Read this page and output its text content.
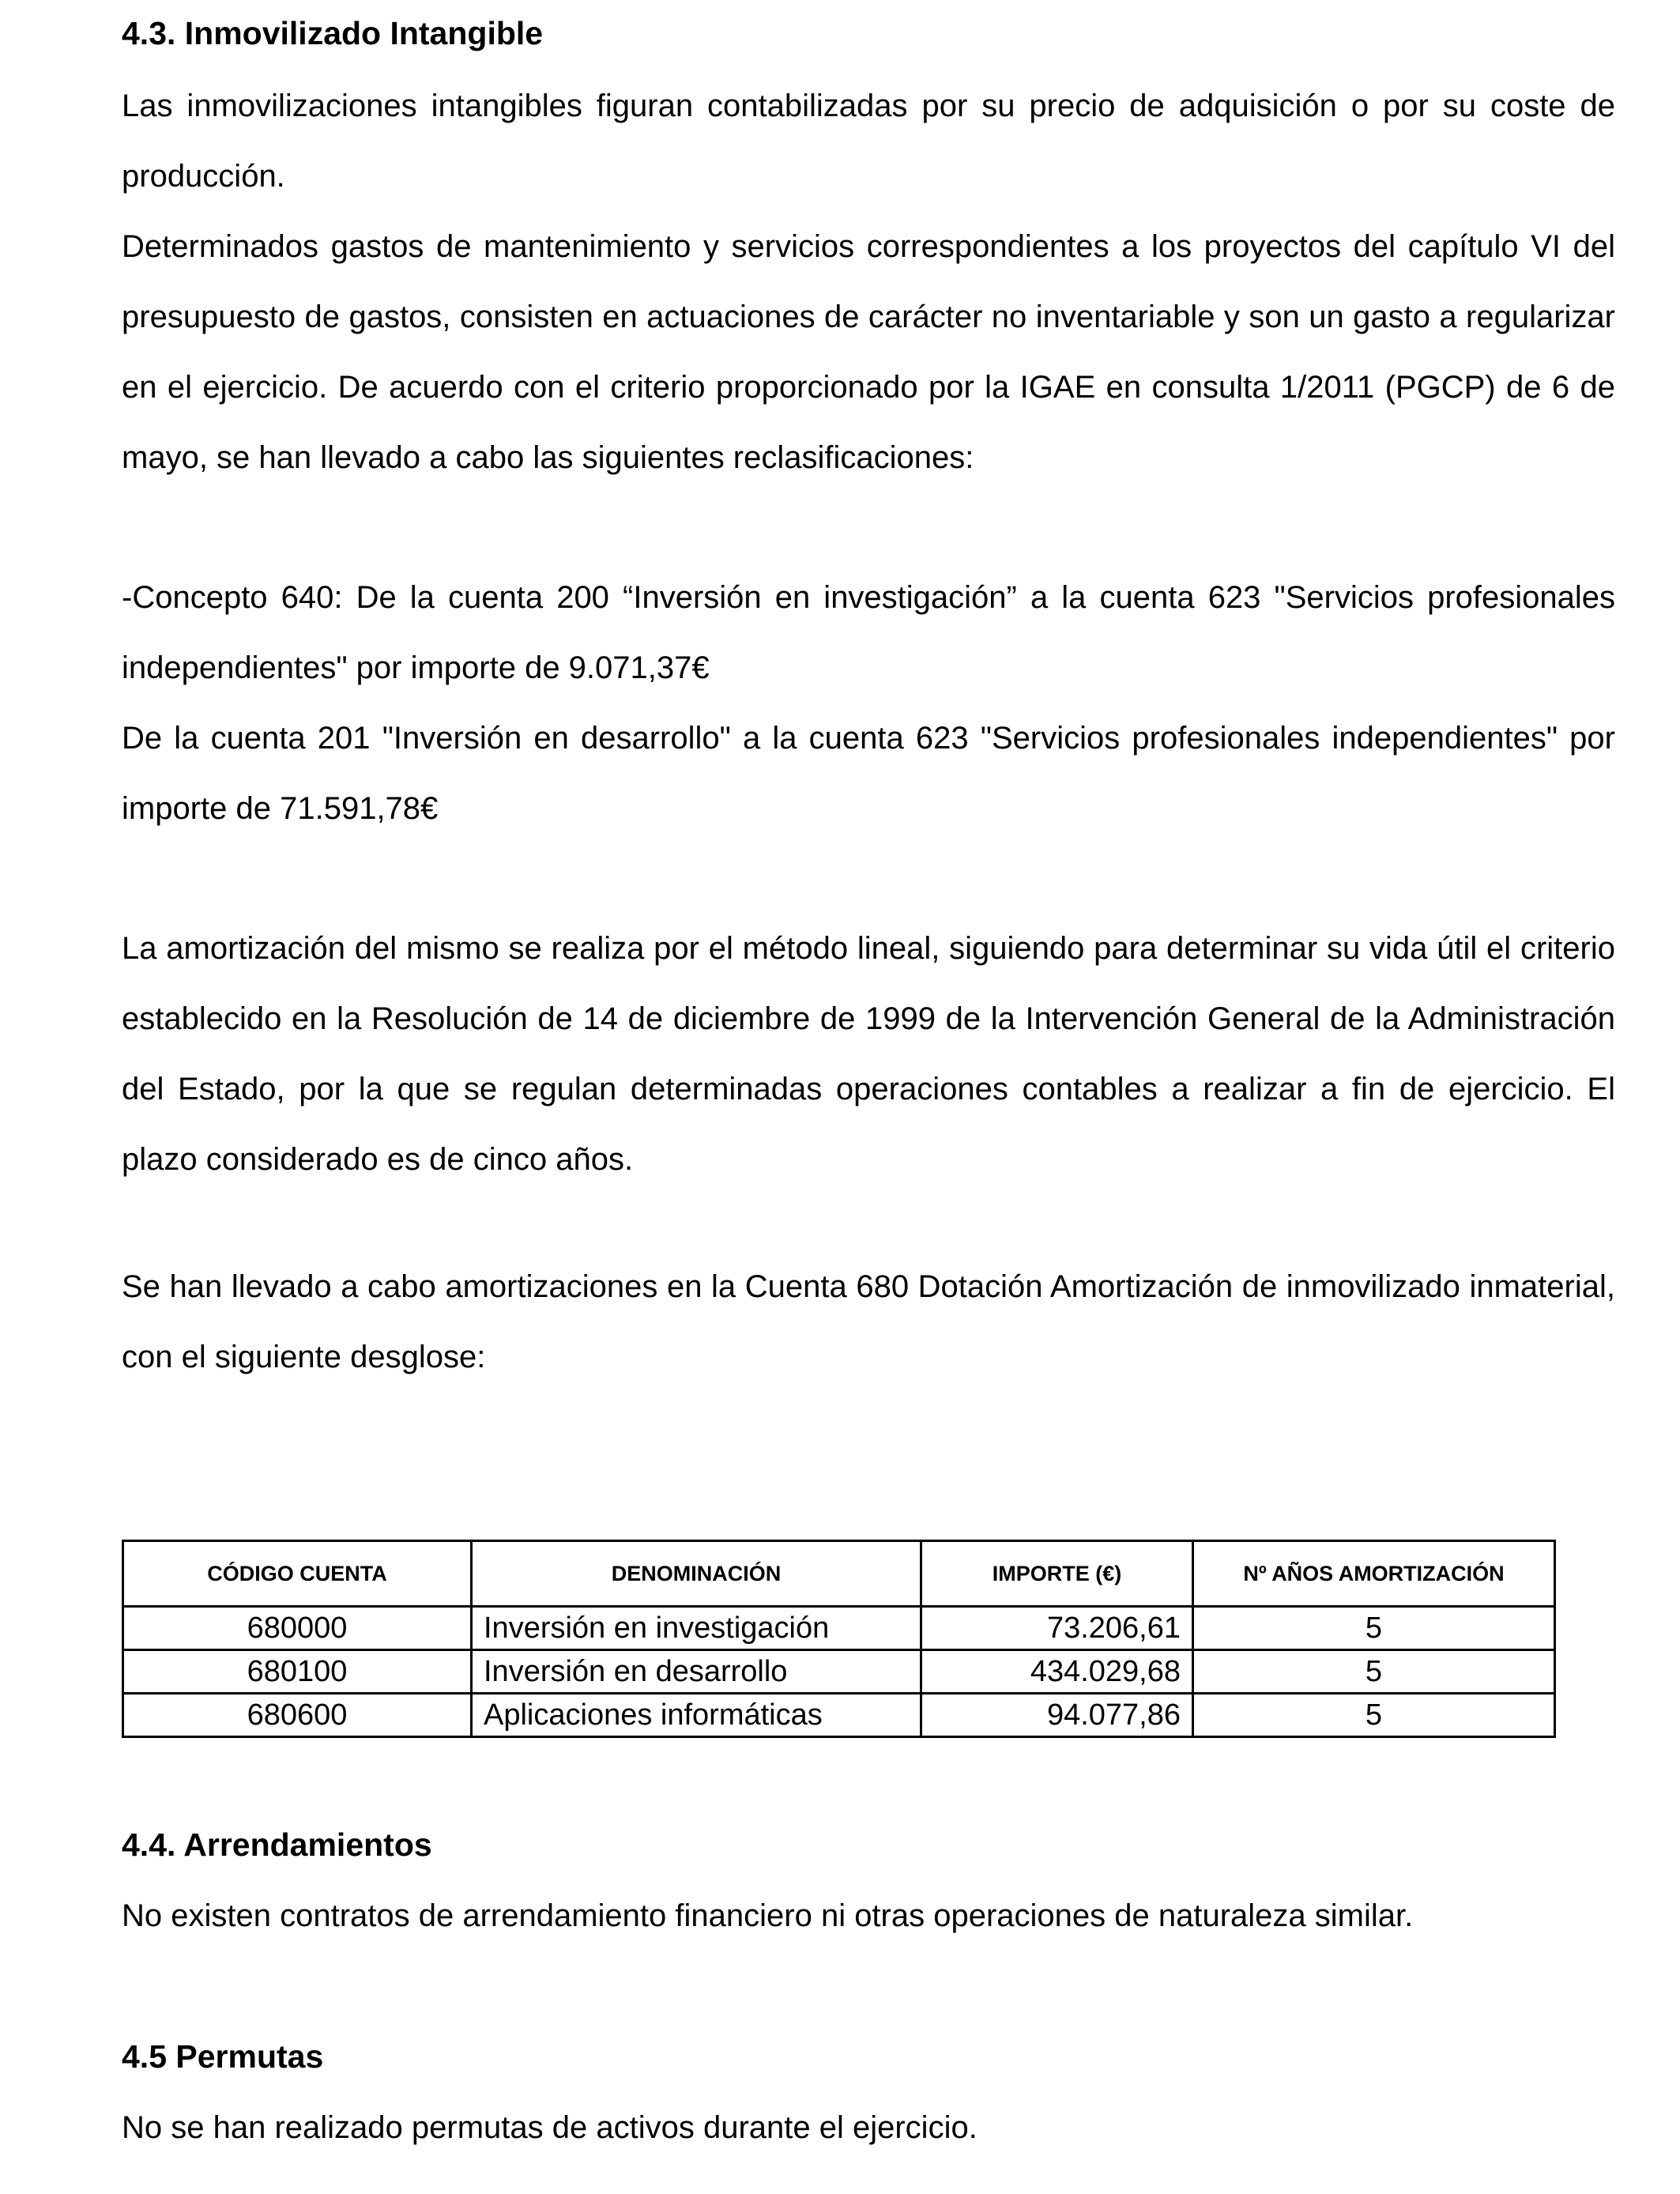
4.3. Inmovilizado Intangible

Las inmovilizaciones intangibles figuran contabilizadas por su precio de adquisición o por su coste de producción.

Determinados gastos de mantenimiento y servicios correspondientes a los proyectos del capítulo VI del presupuesto de gastos, consisten en actuaciones de carácter no inventariable y son un gasto a regularizar en el ejercicio. De acuerdo con el criterio proporcionado por la IGAE en consulta 1/2011 (PGCP) de 6 de mayo, se han llevado a cabo las siguientes reclasificaciones:

-Concepto 640: De la cuenta 200 “Inversión en investigación” a la cuenta 623 "Servicios profesionales independientes" por importe de 9.071,37€

De la cuenta 201 "Inversión en desarrollo" a la cuenta 623 "Servicios profesionales independientes" por importe de 71.591,78€

La amortización del mismo se realiza por el método lineal, siguiendo para determinar su vida útil el criterio establecido en la Resolución de 14 de diciembre de 1999 de la Intervención General de la Administración del Estado, por la que se regulan determinadas operaciones contables a realizar a fin de ejercicio. El plazo considerado es de cinco años.

Se han llevado a cabo amortizaciones en la Cuenta 680 Dotación Amortización de inmovilizado inmaterial, con el siguiente desglose:

CÓDIGO CUENTA	DENOMINACIÓN	IMPORTE (€)	Nº AÑOS AMORTIZACIÓN
680000	Inversión en investigación	73.206,61	5
680100	Inversión en desarrollo	434.029,68	5
680600	Aplicaciones informáticas	94.077,86	5
4.4. Arrendamientos

No existen contratos de arrendamiento financiero ni otras operaciones de naturaleza similar.

4.5 Permutas

No se han realizado permutas de activos durante el ejercicio.
